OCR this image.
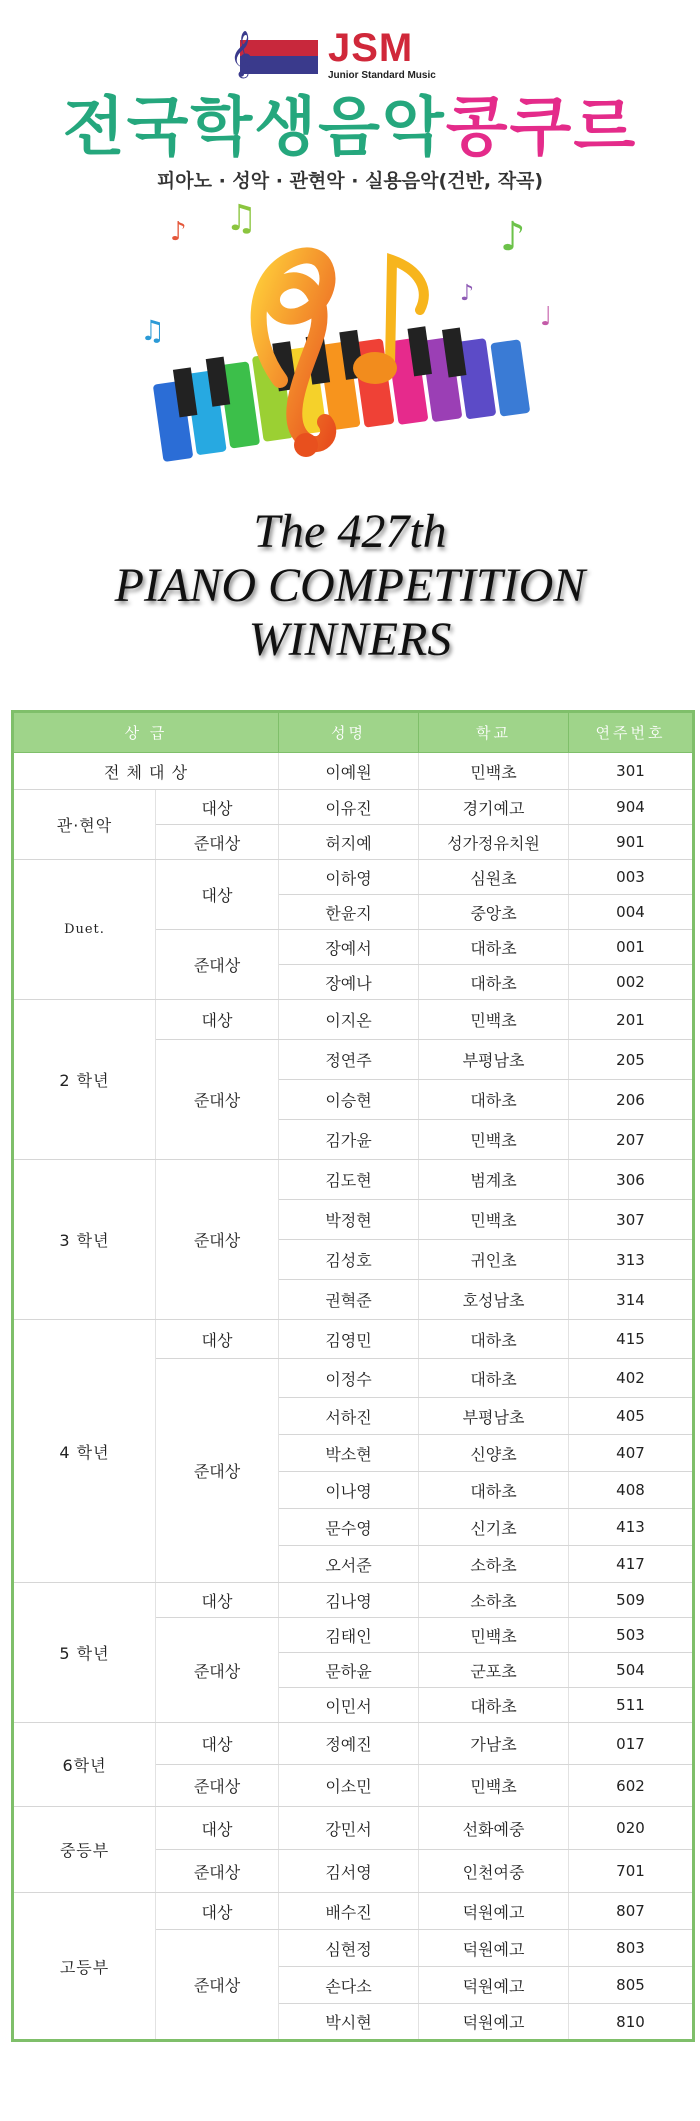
𝄞 JSM
Junior Standard Music
전국학생음악콩쿠르
피아노 · 성악 · 관현악 · 실용음악(건반, 작곡)
♪ ♫	♪
♩
♫
♪
The 427th
PIANO COMPETITION
WINNERS
상 급		성명	학교	연주번호
전 체 대 상		이예원	민백초	301
관·현악	대상	이유진	경기예고	904
	준대상	허지예	성가정유치원	901
Duet.	대상	이하영	심원초	003
		한윤지	중앙초	004
	준대상	장예서	대하초	001
		장예나	대하초	002
2 학년	대상	이지온	민백초	201
	준대상	정연주	부평남초	205
		이승현	대하초	206
		김가윤	민백초	207
3 학년	준대상	김도현	범계초	306
		박정현	민백초	307
		김성호	귀인초	313
		권혁준	호성남초	314
4 학년	대상	김영민	대하초	415
	준대상	이정수	대하초	402
		서하진	부평남초	405
		박소현	신양초	407
		이나영	대하초	408
		문수영	신기초	413
		오서준	소하초	417
5 학년	대상	김나영	소하초	509
	준대상	김태인	민백초	503
		문하윤	군포초	504
		이민서	대하초	511
6학년	대상	정예진	가남초	017
	준대상	이소민	민백초	602
중등부	대상	강민서	선화예중	020
	준대상	김서영	인천여중	701
고등부	대상	배수진	덕원예고	807
	준대상	심현정	덕원예고	803
		손다소	덕원예고	805
		박시현	덕원예고	810
